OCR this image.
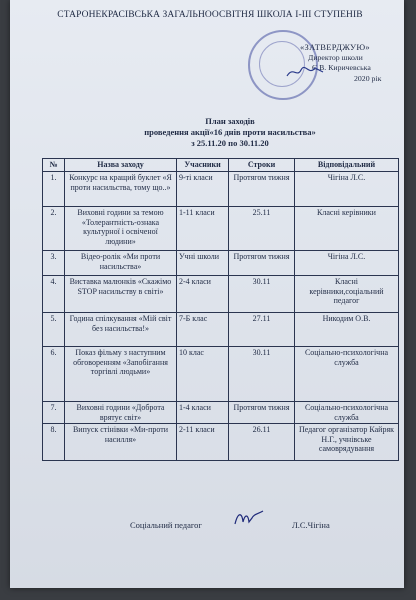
СТАРОНЕКРАСІВСЬКА ЗАГАЛЬНООСВІТНЯ ШКОЛА І-ІІІ СТУПЕНІВ
«ЗАТВЕРДЖУЮ»
Директор школи
Є.В. Киричевська
2020 рік
План заходів
проведення акції«16 днів проти насильства»
з 25.11.20 по 30.11.20
№	Назва заходу	Учасники	Строки	Відповідальний
1.	Конкурс на кращий буклет «Я проти насильства, тому що..»	9-ті класи	Протягом тижня	Чігіна Л.С.
2.	Виховні години за темою «Толерантність-ознака культурної і освіченої людини»	1-11 класи	25.11	Класні керівники
3.	Відео-ролік «Ми проти насильства»	Учні школи	Протягом тижня	Чігіна Л.С.
4.	Виставка малюнків «Скажімо STOP насильству в світі»	2-4 класи	30.11	Класні керівники,соціальний педагог
5.	Година спілкування «Мій світ без насильства!»	7-Б клас	27.11	Никодим О.В.
6.	Показ фільму з наступним обговоренням «Запобігання торгівлі людьми»	10 клас	30.11	Соціально-психологічна служба
7.	Виховні години «Доброта врятує світ»	1-4 класи	Протягом тижня	Соціально-психологічна служба
8.	Випуск стінівки «Ми-проти насилля»	2-11 класи	26.11	Педагог організатор Кайряк Н.Г., учнівське самоврядування
Соціальний педагог	Л.С.Чігіна
